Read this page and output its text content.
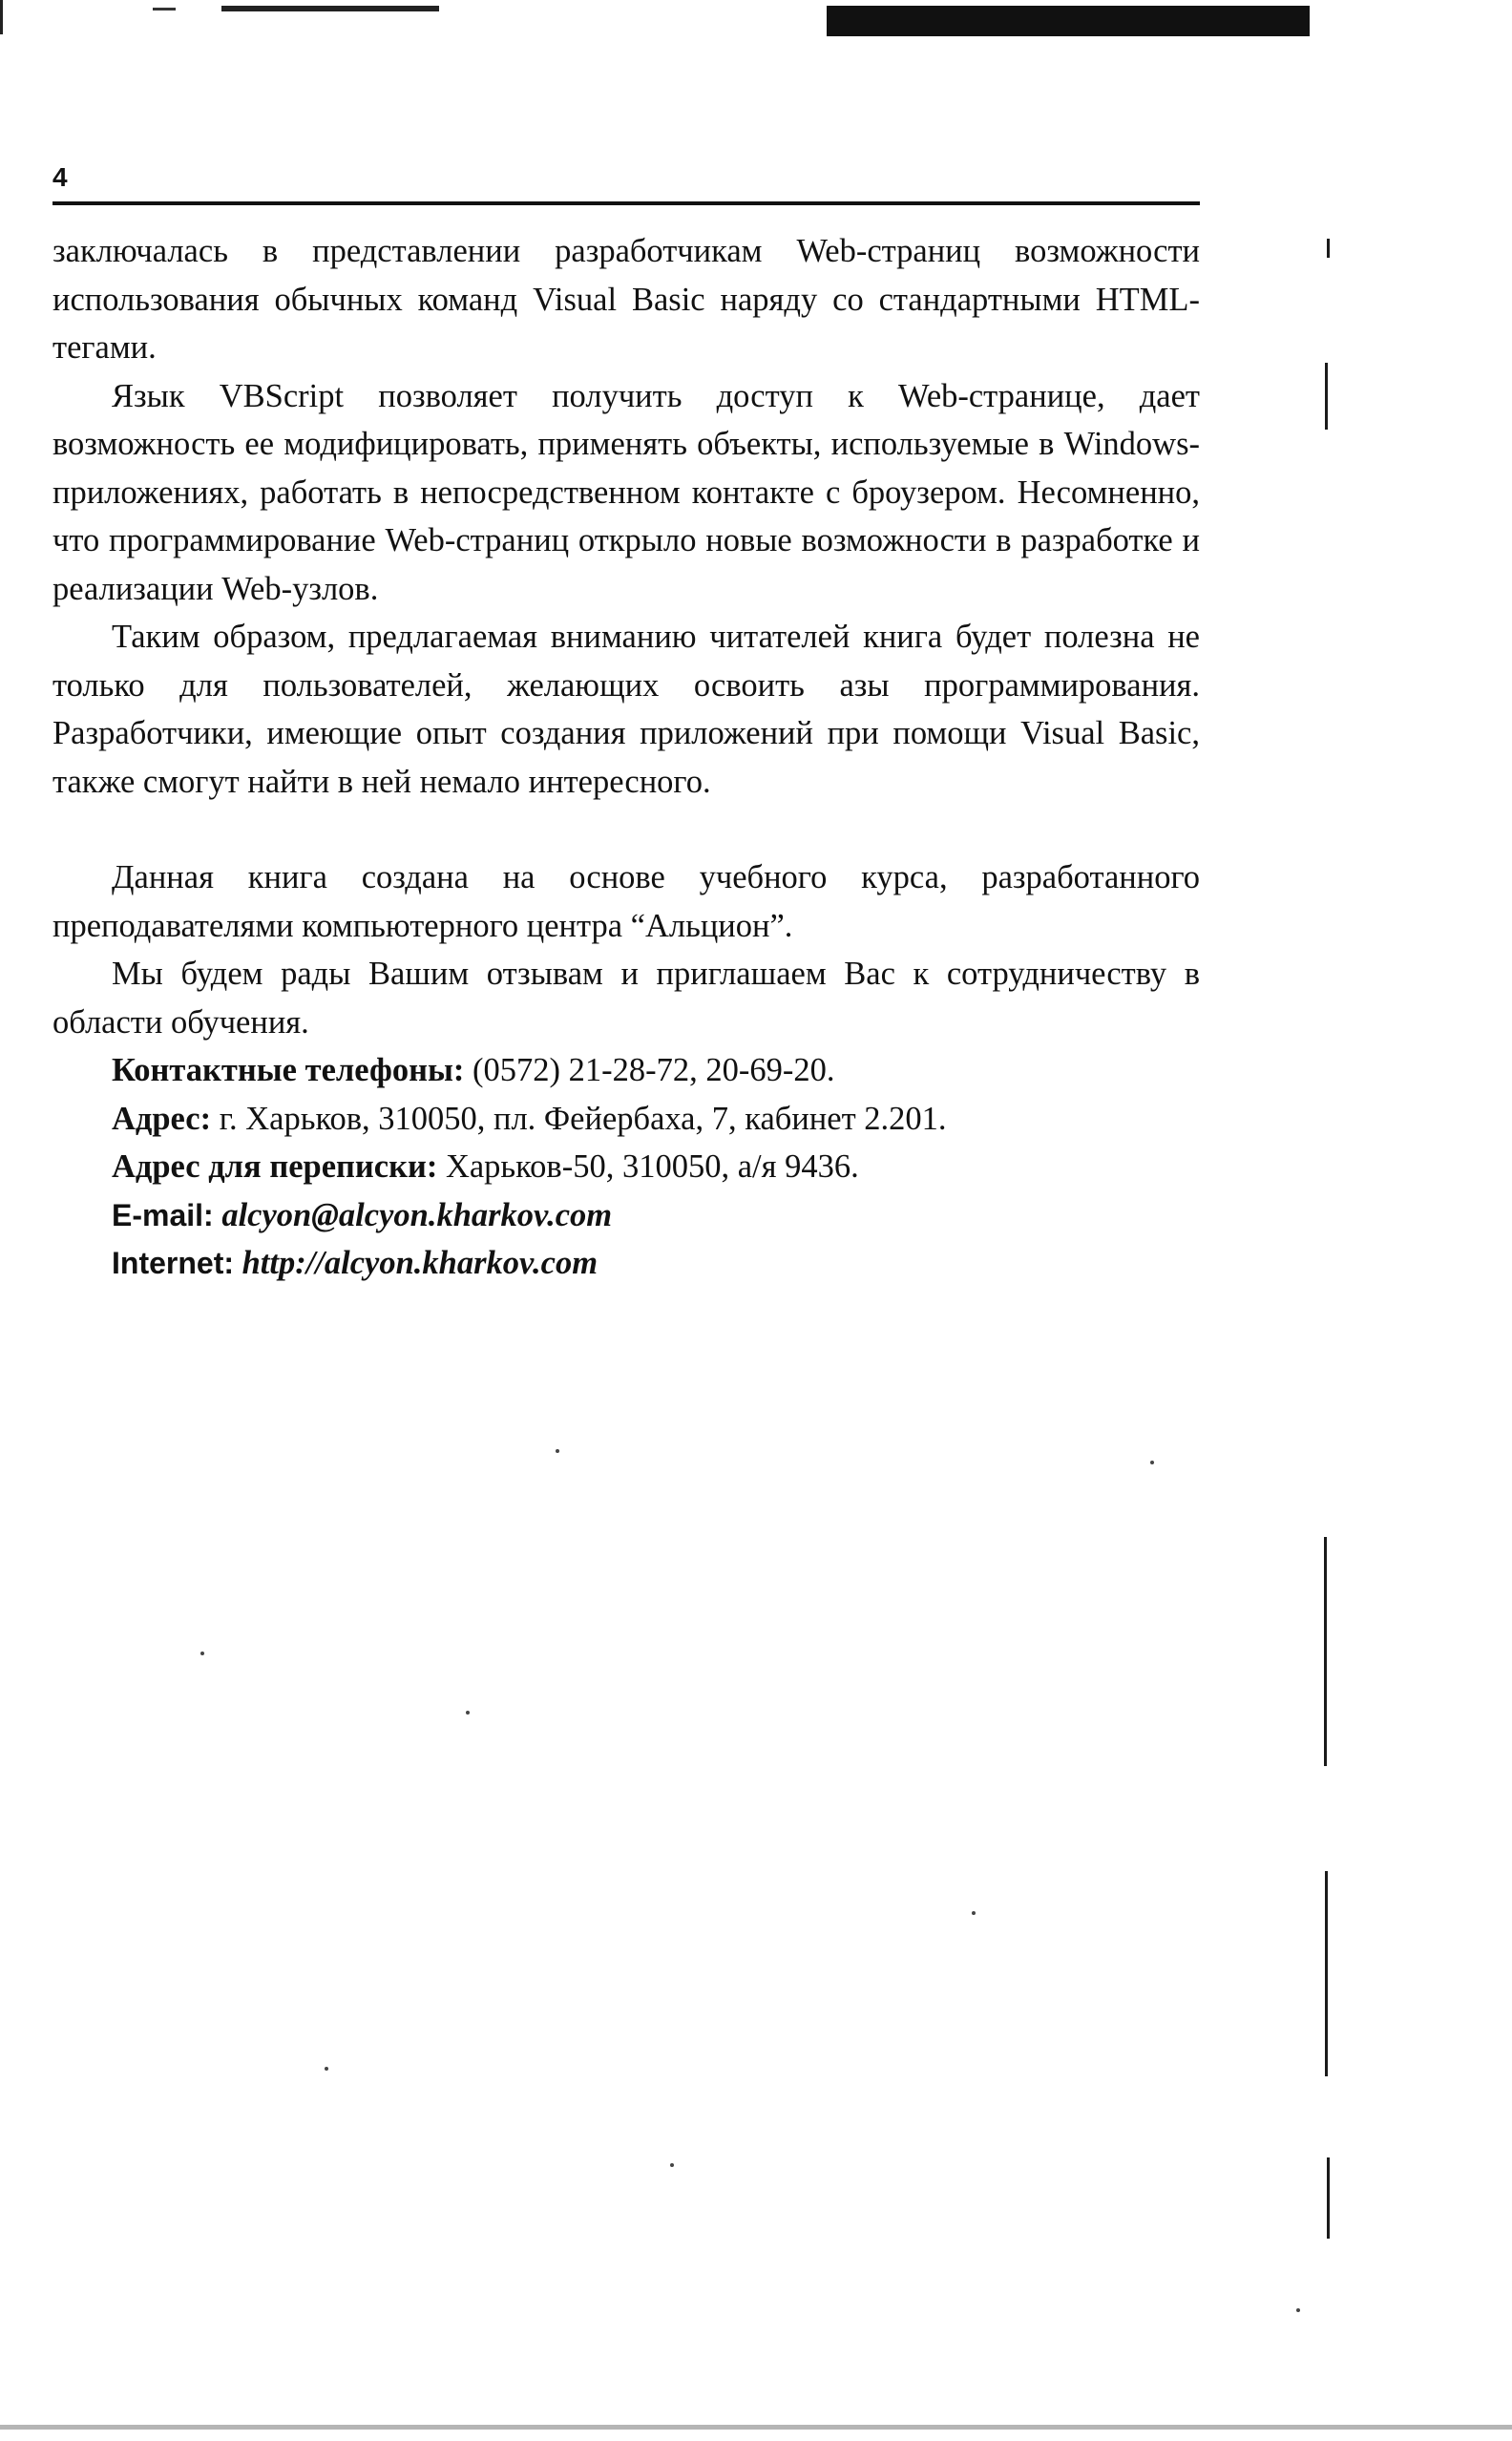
4

заключалась в представлении разработчикам Web-страниц возможности использования обычных команд Visual Basic наряду со стандартными HTML-тегами.

Язык VBScript позволяет получить доступ к Web-странице, дает возможность ее модифицировать, применять объекты, используемые в Windows-приложениях, работать в непосредственном контакте с броузером. Несомненно, что программирование Web-страниц открыло новые возможности в разработке и реализации Web-узлов.

Таким образом, предлагаемая вниманию читателей книга будет полезна не только для пользователей, желающих освоить азы программирования. Разработчики, имеющие опыт создания приложений при помощи Visual Basic, также смогут найти в ней немало интересного.

Данная книга создана на основе учебного курса, разработанного преподавателями компьютерного центра “Альцион”.

Мы будем рады Вашим отзывам и приглашаем Вас к сотрудничеству в области обучения.

Контактные телефоны: (0572) 21-28-72, 20-69-20.

Адрес: г. Харьков, 310050, пл. Фейербаха, 7, кабинет 2.201.

Адрес для переписки: Харьков-50, 310050, а/я 9436.

E-mail: alcyon@alcyon.kharkov.com

Internet: http://alcyon.kharkov.com
